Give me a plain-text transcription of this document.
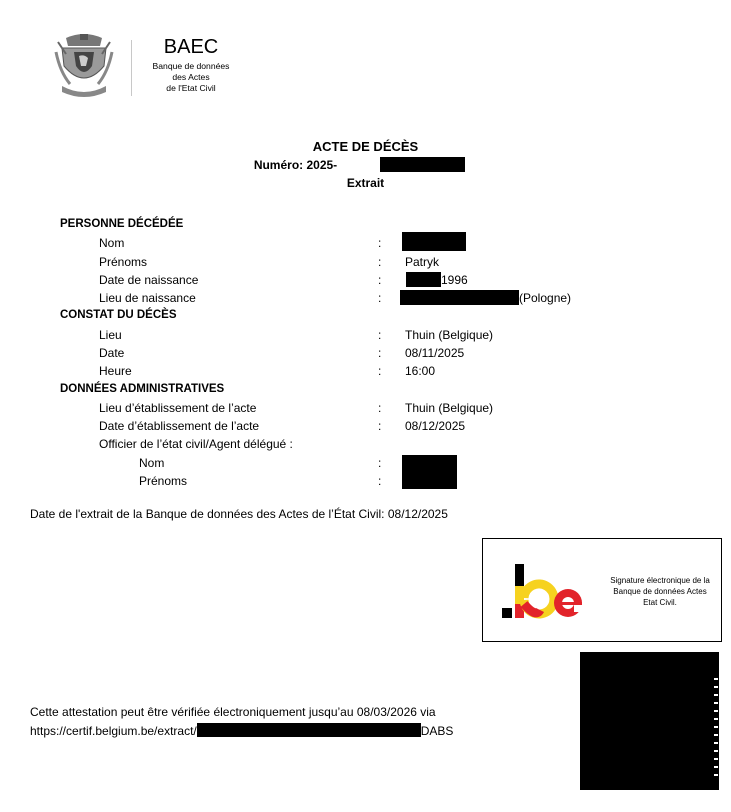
BAEC
Banque de données
des Actes
de l'Etat Civil
ACTE DE DÉCÈS
Numéro: 2025-
Extrait
PERSONNE DÉCÉDÉE
Nom	:
Prénoms	: Patryk
Date de naissance	:	1996
Lieu de naissance	:	(Pologne)
CONSTAT DU DÉCÈS
Lieu	: Thuin (Belgique)
Date	: 08/11/2025
Heure	: 16:00
DONNÉES ADMINISTRATIVES
Lieu d’établissement de l’acte	: Thuin (Belgique)
Date d’établissement de l’acte	: 08/12/2025
Officier de l’état civil/Agent délégué :
Nom	:
Prénoms	:
Date de l'extrait de la Banque de données des Actes de l’État Civil: 08/12/2025
Signature électronique de la
Banque de données Actes
Etat Civil.
Cette attestation peut être vérifiée électroniquement jusqu’au 08/03/2026 via
https://certif.belgium.be/extract/	DABS
